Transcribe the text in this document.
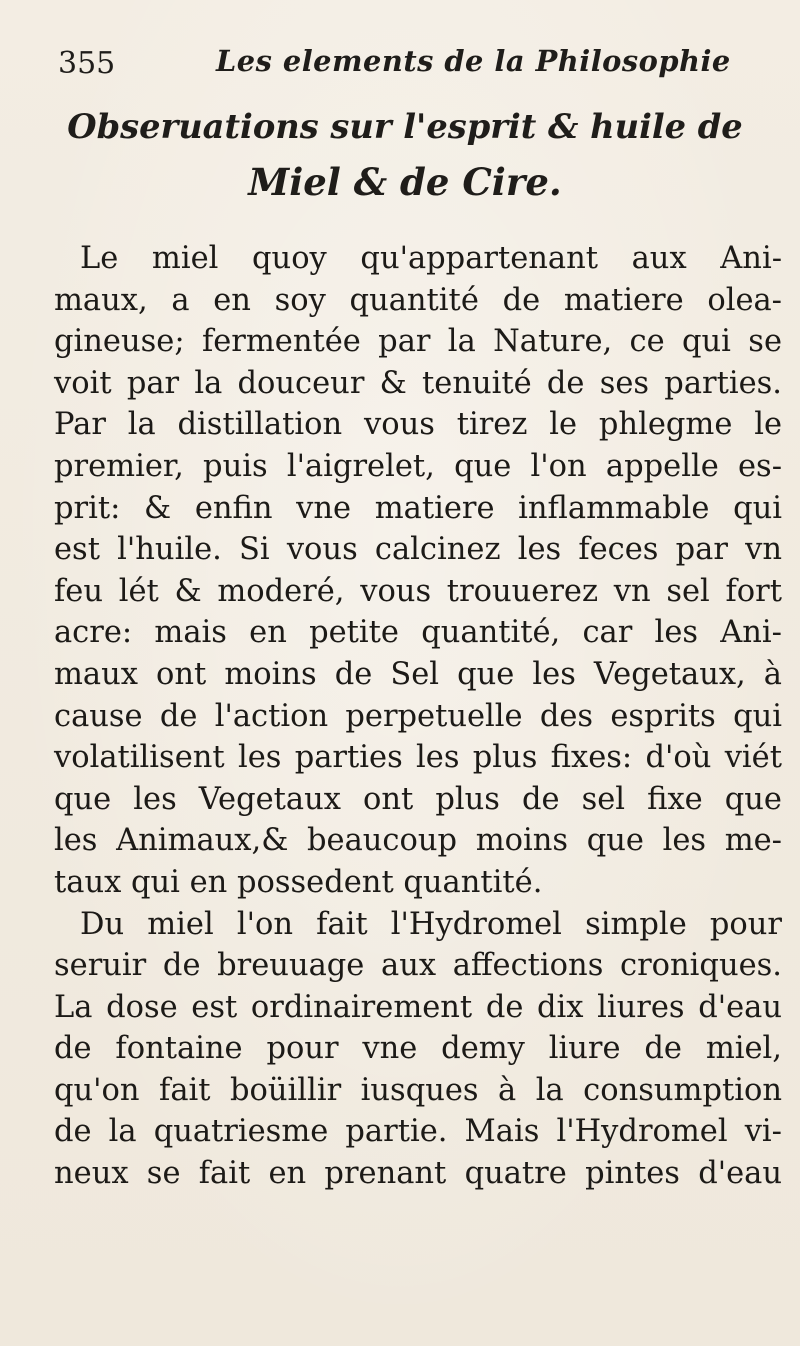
355	Les elements de la Philosophie
Obseruations sur l'esprit & huile de
Miel & de Cire.
Le miel quoy qu'appartenant aux Ani-
maux, a en soy quantité de matiere olea-
gineuse; fermentée par la Nature, ce qui se
voit par la douceur & tenuité de ses parties.
Par la distillation vous tirez le phlegme le
premier, puis l'aigrelet, que l'on appelle es-
prit: & enfin vne matiere inflammable qui
est l'huile. Si vous calcinez les feces par vn
feu lét & moderé, vous trouuerez vn sel fort
acre: mais en petite quantité, car les Ani-
maux ont moins de Sel que les Vegetaux, à
cause de l'action perpetuelle des esprits qui
volatilisent les parties les plus fixes: d'où viét
que les Vegetaux ont plus de sel fixe que
les Animaux,& beaucoup moins que les me-
taux qui en possedent quantité.
Du miel l'on fait l'Hydromel simple pour
seruir de breuuage aux affections croniques.
La dose est ordinairement de dix liures d'eau
de fontaine pour vne demy liure de miel,
qu'on fait boüillir iusques à la consumption
de la quatriesme partie. Mais l'Hydromel vi-
neux se fait en prenant quatre pintes d'eau
